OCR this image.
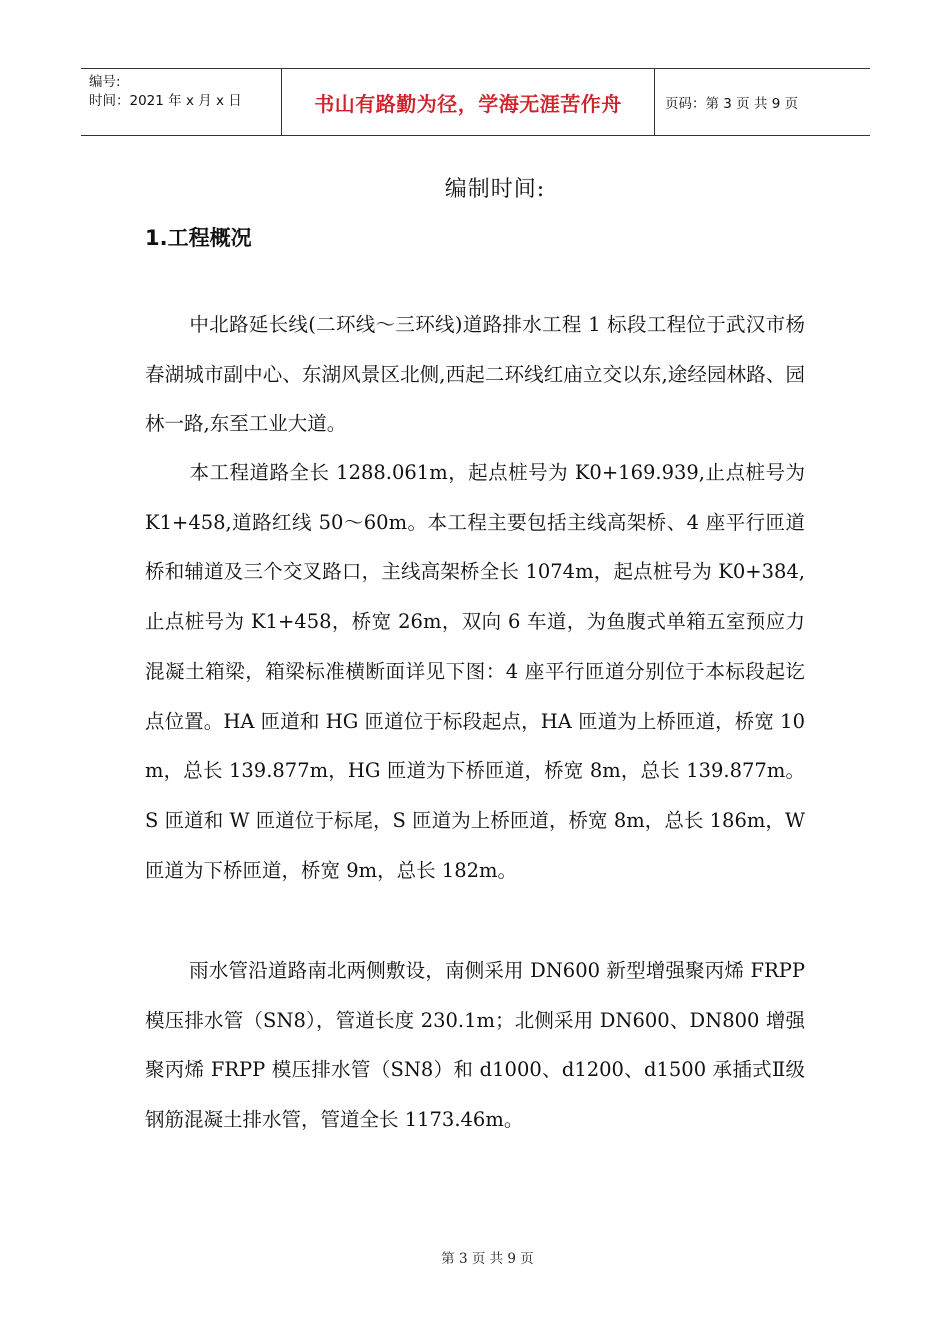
编号:
时间：2021 年 x 月 x 日	书山有路勤为径，学海无涯苦作舟	页码：第 3 页 共 9 页
编制时间:
1.工程概况

中北路延长线(二环线～三环线)道路排水工程 1 标段工程位于武汉市杨春湖城市副中心、东湖风景区北侧,西起二环线红庙立交以东,途经园林路、园林一路,东至工业大道。

本工程道路全长 1288.061m，起点桩号为 K0+169.939,止点桩号为 K1+458,道路红线 50～60m。本工程主要包括主线高架桥、4 座平行匝道桥和辅道及三个交叉路口，主线高架桥全长 1074m，起点桩号为 K0+384,止点桩号为 K1+458，桥宽 26m，双向 6 车道，为鱼腹式单箱五室预应力混凝土箱梁，箱梁标准横断面详见下图：4 座平行匝道分别位于本标段起讫点位置。HA 匝道和 HG 匝道位于标段起点，HA 匝道为上桥匝道，桥宽 10m，总长 139.877m，HG 匝道为下桥匝道，桥宽 8m，总长 139.877m。S 匝道和 W 匝道位于标尾，S 匝道为上桥匝道，桥宽 8m，总长 186m，W 匝道为下桥匝道，桥宽 9m，总长 182m。

雨水管沿道路南北两侧敷设，南侧采用 DN600 新型增强聚丙烯 FRPP 模压排水管（SN8），管道长度 230.1m；北侧采用 DN600、DN800 增强聚丙烯 FRPP 模压排水管（SN8）和 d1000、d1200、d1500 承插式Ⅱ级钢筋混凝土排水管，管道全长 1173.46m。

第 3 页 共 9 页
